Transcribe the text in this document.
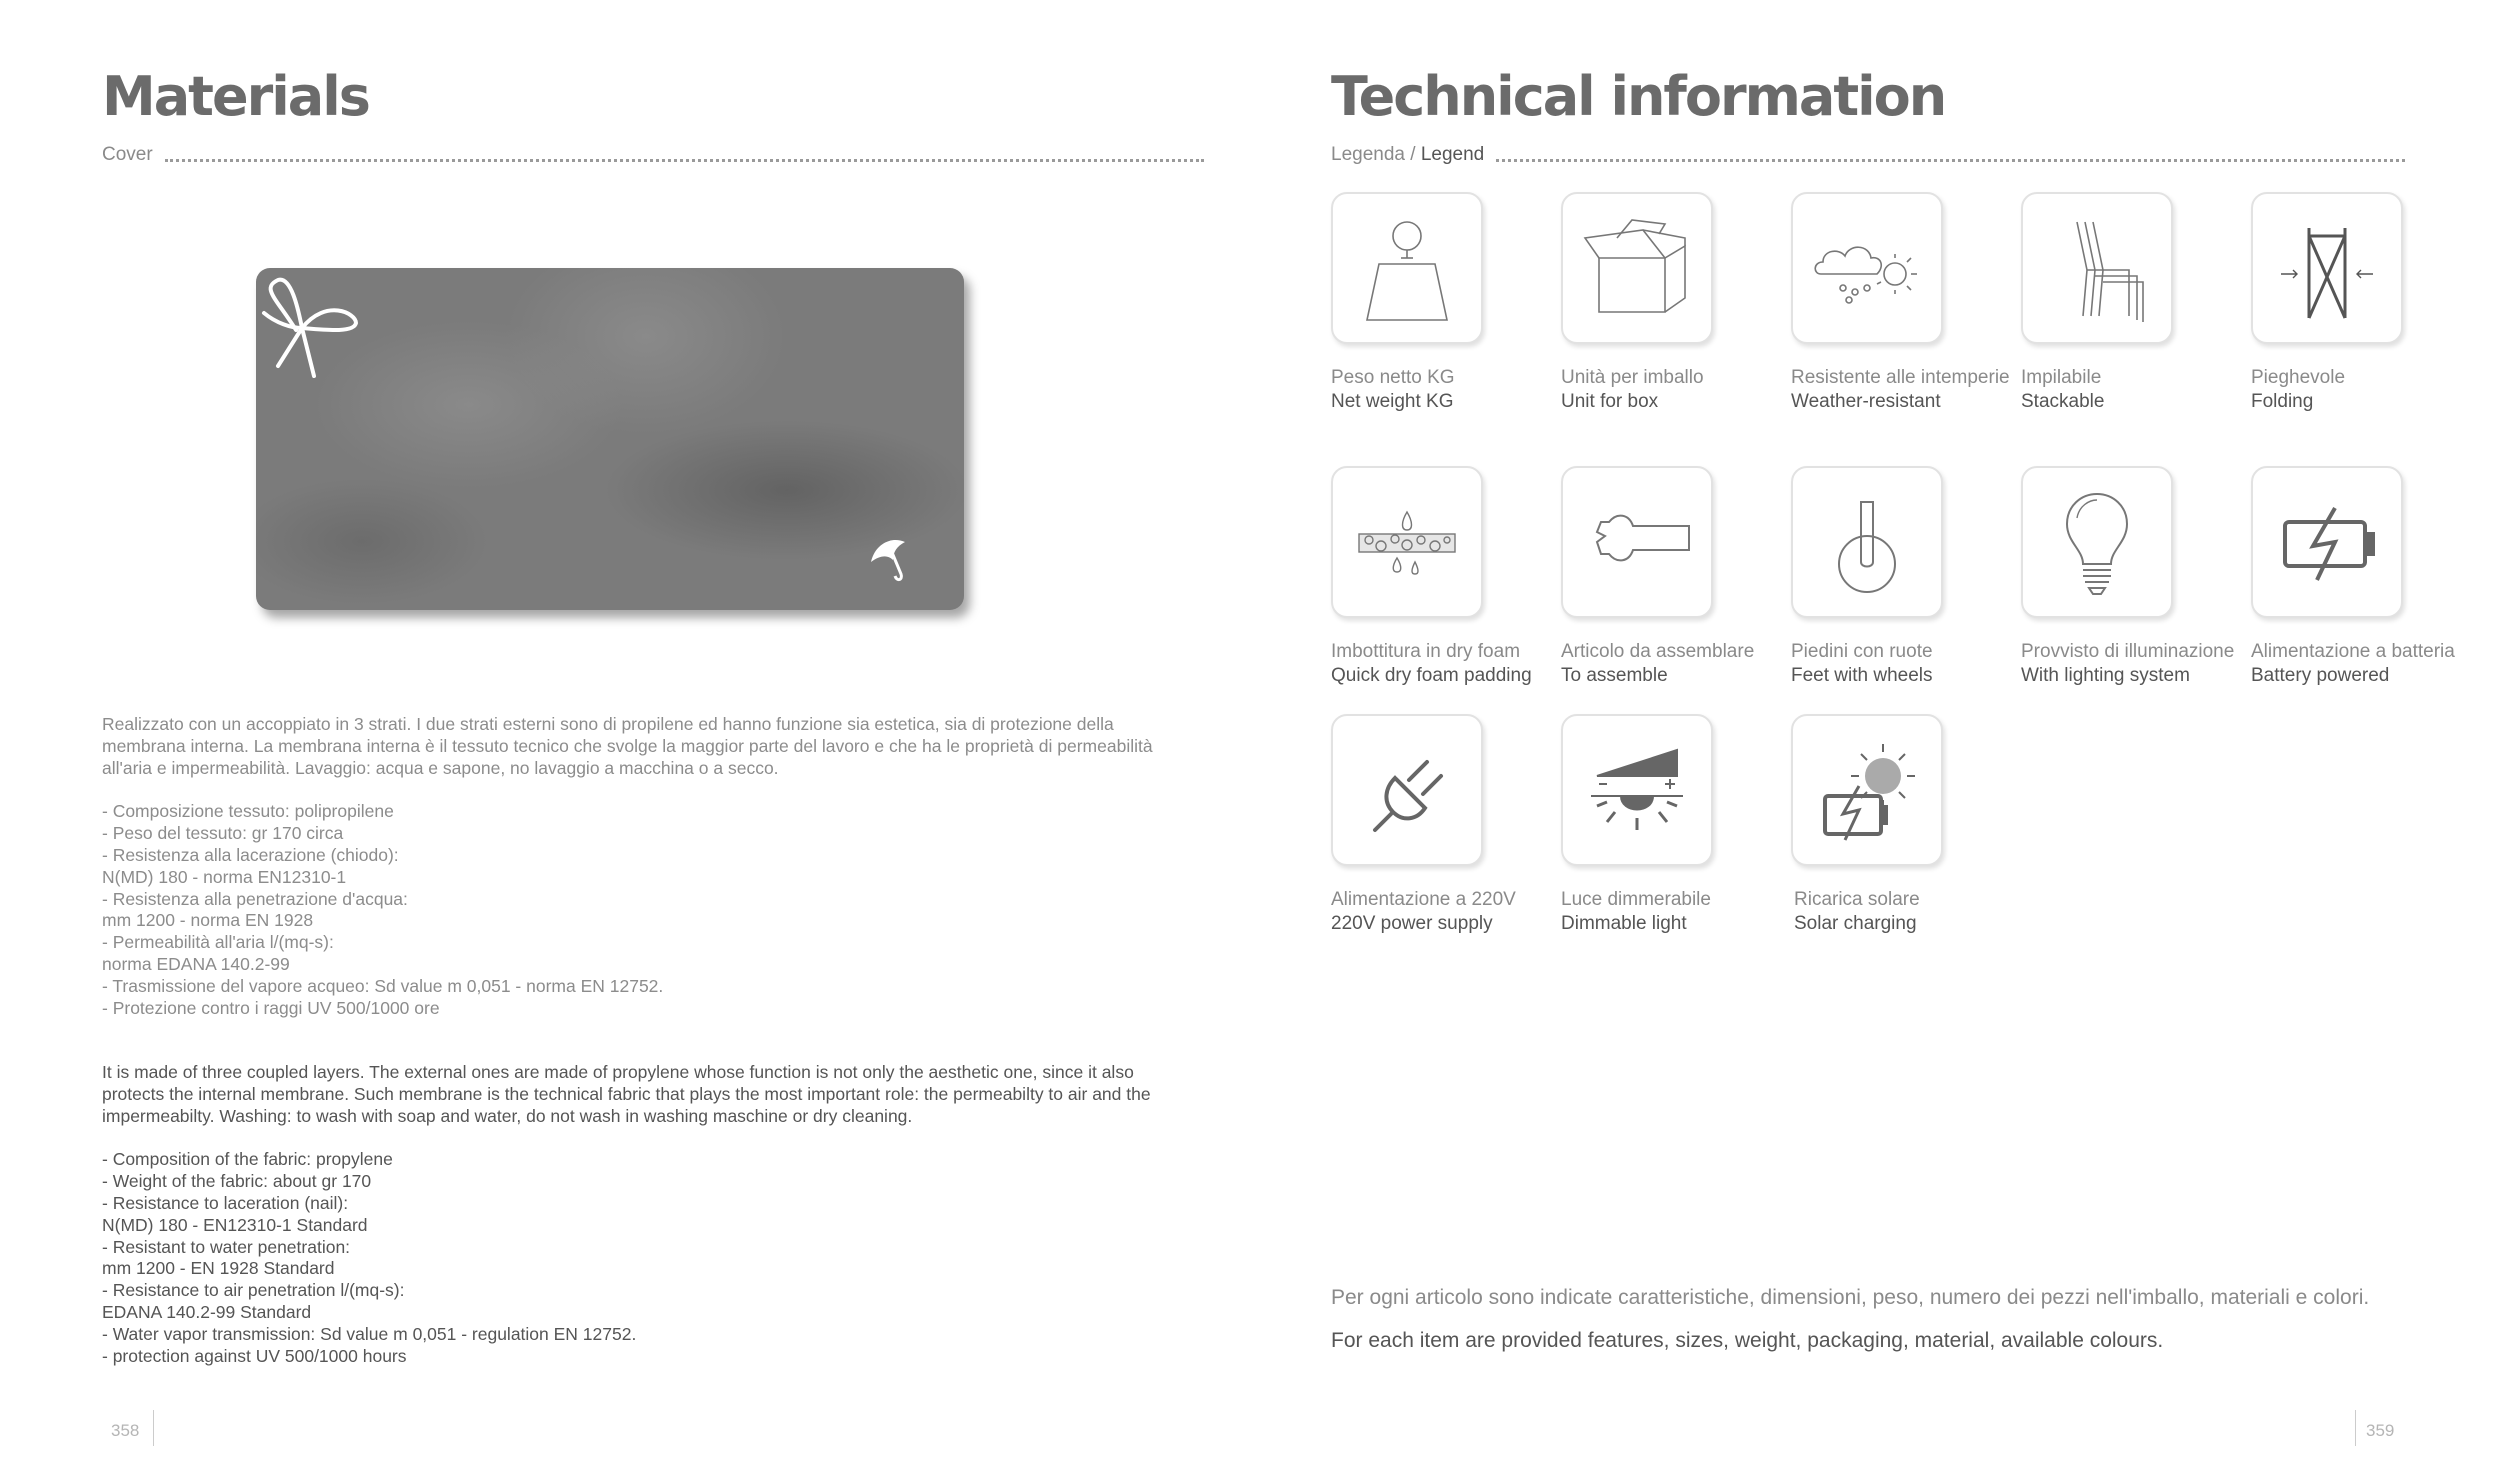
Materials
Cover

Realizzato con un accoppiato in 3 strati. I due strati esterni sono di propilene ed hanno funzione sia estetica, sia di protezione della membrana interna. La membrana interna è il tessuto tecnico che svolge la maggior parte del lavoro e che ha le proprietà di permeabilità all'aria e impermeabilità. Lavaggio: acqua e sapone, no lavaggio a macchina o a secco.

- Composizione tessuto: polipropilene
- Peso del tessuto: gr 170 circa
- Resistenza alla lacerazione (chiodo):
N(MD) 180 - norma EN12310-1
- Resistenza alla penetrazione d'acqua:
mm 1200 - norma EN 1928
- Permeabilità all'aria l/(mq-s):
norma EDANA 140.2-99
- Trasmissione del vapore acqueo: Sd value m 0,051 - norma EN 12752.
- Protezione contro i raggi UV 500/1000 ore

It is made of three coupled layers. The external ones are made of propylene whose function is not only the aesthetic one, since it also protects the internal membrane. Such membrane is the technical fabric that plays the most important role: the permeabilty to air and the impermeabilty. Washing: to wash with soap and water, do not wash in washing maschine or dry cleaning.

- Composition of the fabric: propylene
- Weight of the fabric: about gr 170
- Resistance to laceration (nail):
N(MD) 180 - EN12310-1 Standard
- Resistant to water penetration:
mm 1200 - EN 1928 Standard
- Resistance to air penetration l/(mq-s):
EDANA 140.2-99 Standard
- Water vapor transmission: Sd value m 0,051 - regulation EN 12752.
- protection against UV 500/1000 hours
358
Technical information
Legenda / Legend
Peso netto KG
Net weight KG
Unità per imballo
Unit for box
Resistente alle intemperie
Weather-resistant
Impilabile
Stackable
Pieghevole
Folding
Imbottitura in dry foam
Quick dry foam padding
Articolo da assemblare
To assemble
Piedini con ruote
Feet with wheels
Provvisto di illuminazione
With lighting system
Alimentazione a batteria
Battery powered
Alimentazione a 220V
220V power supply
Luce dimmerabile
Dimmable light
Ricarica solare
Solar charging
Per ogni articolo sono indicate caratteristiche, dimensioni, peso, numero dei pezzi nell'imballo, materiali e colori.
For each item are provided features, sizes, weight, packaging, material, available colours.
359
